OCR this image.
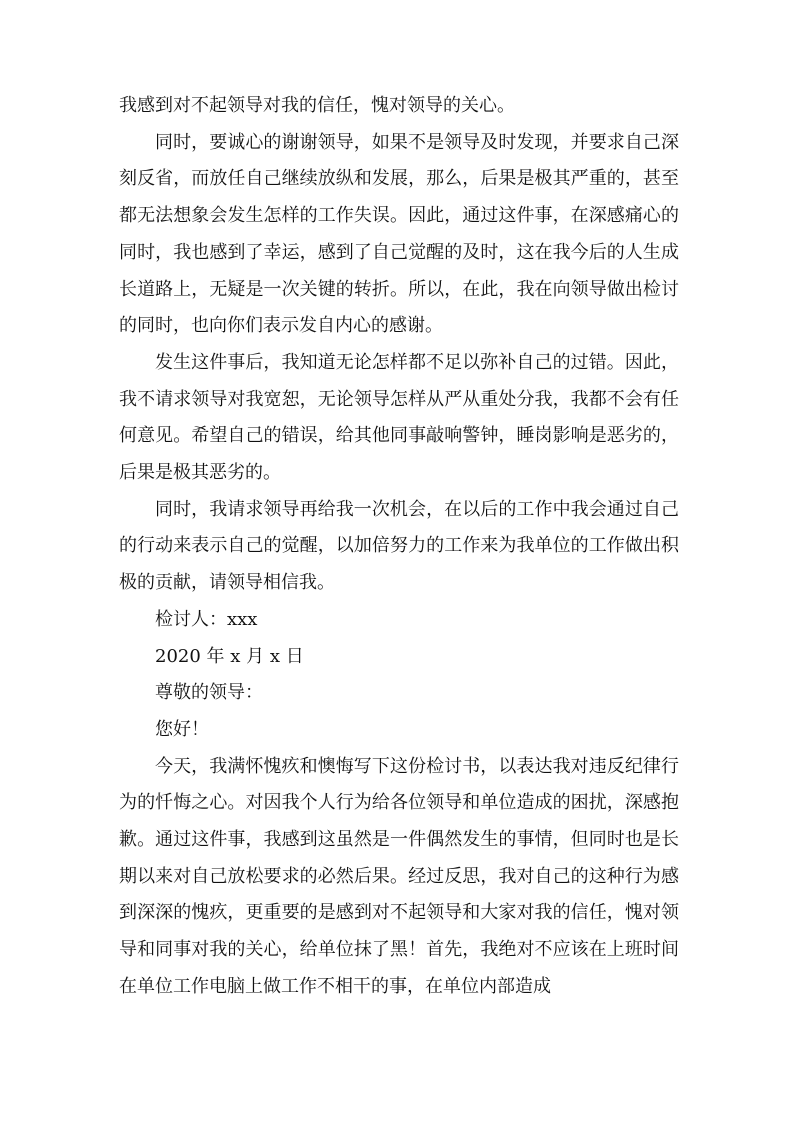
我感到对不起领导对我的信任，愧对领导的关心。

同时，要诚心的谢谢领导，如果不是领导及时发现，并要求自己深刻反省，而放任自己继续放纵和发展，那么，后果是极其严重的，甚至都无法想象会发生怎样的工作失误。因此，通过这件事，在深感痛心的同时，我也感到了幸运，感到了自己觉醒的及时，这在我今后的人生成长道路上，无疑是一次关键的转折。所以，在此，我在向领导做出检讨的同时，也向你们表示发自内心的感谢。

发生这件事后，我知道无论怎样都不足以弥补自己的过错。因此，我不请求领导对我宽恕，无论领导怎样从严从重处分我，我都不会有任何意见。希望自己的错误，给其他同事敲响警钟，睡岗影响是恶劣的，后果是极其恶劣的。

同时，我请求领导再给我一次机会，在以后的工作中我会通过自己的行动来表示自己的觉醒，以加倍努力的工作来为我单位的工作做出积极的贡献，请领导相信我。

检讨人：xxx

2020 年 x 月 x 日

尊敬的领导：

您好！

今天，我满怀愧疚和懊悔写下这份检讨书，以表达我对违反纪律行为的忏悔之心。对因我个人行为给各位领导和单位造成的困扰，深感抱歉。通过这件事，我感到这虽然是一件偶然发生的事情，但同时也是长期以来对自己放松要求的必然后果。经过反思，我对自己的这种行为感到深深的愧疚，更重要的是感到对不起领导和大家对我的信任，愧对领导和同事对我的关心，给单位抹了黑！首先，我绝对不应该在上班时间在单位工作电脑上做工作不相干的事，在单位内部造成
